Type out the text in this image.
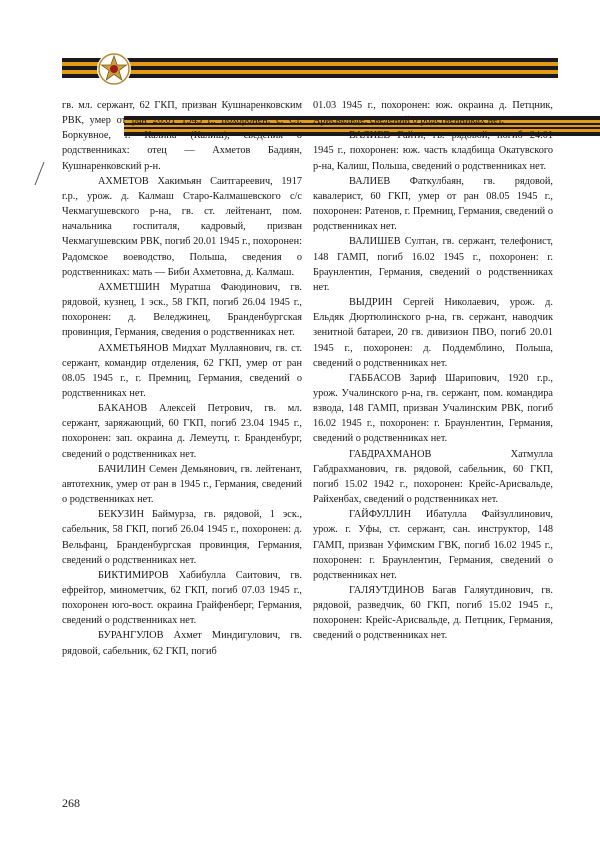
гв. мл. сержант, 62 ГКП, призван Кушнаренковским РВК, умер от ран 26.01 1945 г., похоронен: с. Ст. Боркувное, г. Калина (Калиш), сведения о родственниках: отец — Ахметов Бадиян, Кушнаренковский р-н.

АХМЕТОВ Хакимьян Саитгареевич, 1917 г.р., урож. д. Калмаш Старо-Калмашевского с/с Чекмагушевского р-на, гв. ст. лейтенант, пом. начальника госпиталя, кадровый, призван Чекмагушевским РВК, погиб 20.01 1945 г., похоронен: Радомское воеводство, Польша, сведения о родственниках: мать — Биби Ахметовна, д. Калмаш.

АХМЕТШИН Муратша Фаюдинович, гв. рядовой, кузнец, 1 эск., 58 ГКП, погиб 26.04 1945 г., похоронен: д. Веледжинец, Бранденбургская провинция, Германия, сведения о родственниках нет.

АХМЕТЬЯНОВ Мидхат Муллаянович, гв. ст. сержант, командир отделения, 62 ГКП, умер от ран 08.05 1945 г., г. Премниц, Германия, сведений о родственниках нет.

БАКАНОВ Алексей Петрович, гв. мл. сержант, заряжающий, 60 ГКП, погиб 23.04 1945 г., похоронен: зап. окраина д. Лемеутц, г. Бранденбург, сведений о родственниках нет.

БАЧИЛИН Семен Демьянович, гв. лейтенант, автотехник, умер от ран в 1945 г., Германия, сведений о родственниках нет.

БЕКУЗИН Баймурза, гв. рядовой, 1 эск., сабельник, 58 ГКП, погиб 26.04 1945 г., похоронен: д. Вельфанц, Бранденбургская провинция, Германия, сведений о родственниках нет.

БИКТИМИРОВ Хабибулла Саитович, гв. ефрейтор, минометчик, 62 ГКП, погиб 07.03 1945 г., похоронен юго-вост. окраина Грайфенберг, Германия, сведений о родственниках нет.

БУРАНГУЛОВ Ахмет Миндигулович, гв. рядовой, сабельник, 62 ГКП, погиб

01.03 1945 г., похоронен: юж. окраина д. Петцник, Арисвальде, сведений о родственниках нет.

ВАЛИЕВ Гайти, гв. рядовой, погиб 24.01 1945 г., похоронен: юж. часть кладбища Окатувского р-на, Калиш, Польша, сведений о родственниках нет.

ВАЛИЕВ Фаткулбаян, гв. рядовой, кавалерист, 60 ГКП, умер от ран 08.05 1945 г., похоронен: Ратенов, г. Премниц, Германия, сведений о родственниках нет.

ВАЛИШЕВ Султан, гв. сержант, телефонист, 148 ГАМП, погиб 16.02 1945 г., похоронен: г. Браунлентин, Германия, сведений о родственниках нет.

ВЫДРИН Сергей Николаевич, урож. д. Ельдяк Дюртюлинского р-на, гв. сержант, наводчик зенитной батареи, 20 гв. дивизион ПВО, погиб 20.01 1945 г., похоронен: д. Поддемблино, Польша, сведений о родственниках нет.

ГАББАСОВ Зариф Шарипович, 1920 г.р., урож. Учалинского р-на, гв. сержант, пом. командира взвода, 148 ГАМП, призван Учалинским РВК, погиб 16.02 1945 г., похоронен: г. Браунлентин, Германия, сведений о родственниках нет.

ГАБДРАХМАНОВ Хатмулла Габдрахманович, гв. рядовой, сабельник, 60 ГКП, погиб 15.02 1942 г., похоронен: Крейс-Арисвальде, Райхенбах, сведений о родственниках нет.

ГАЙФУЛЛИН Ибатулла Файзуллинович, урож. г. Уфы, ст. сержант, сан. инструктор, 148 ГАМП, призван Уфимским ГВК, погиб 16.02 1945 г., похоронен: г. Браунлентин, Германия, сведений о родственниках нет.

ГАЛЯУТДИНОВ Багав Галяутдинович, гв. рядовой, разведчик, 60 ГКП, погиб 15.02 1945 г., похоронен: Крейс-Арисвальде, д. Петцник, Германия, сведений о родственниках нет.

268
